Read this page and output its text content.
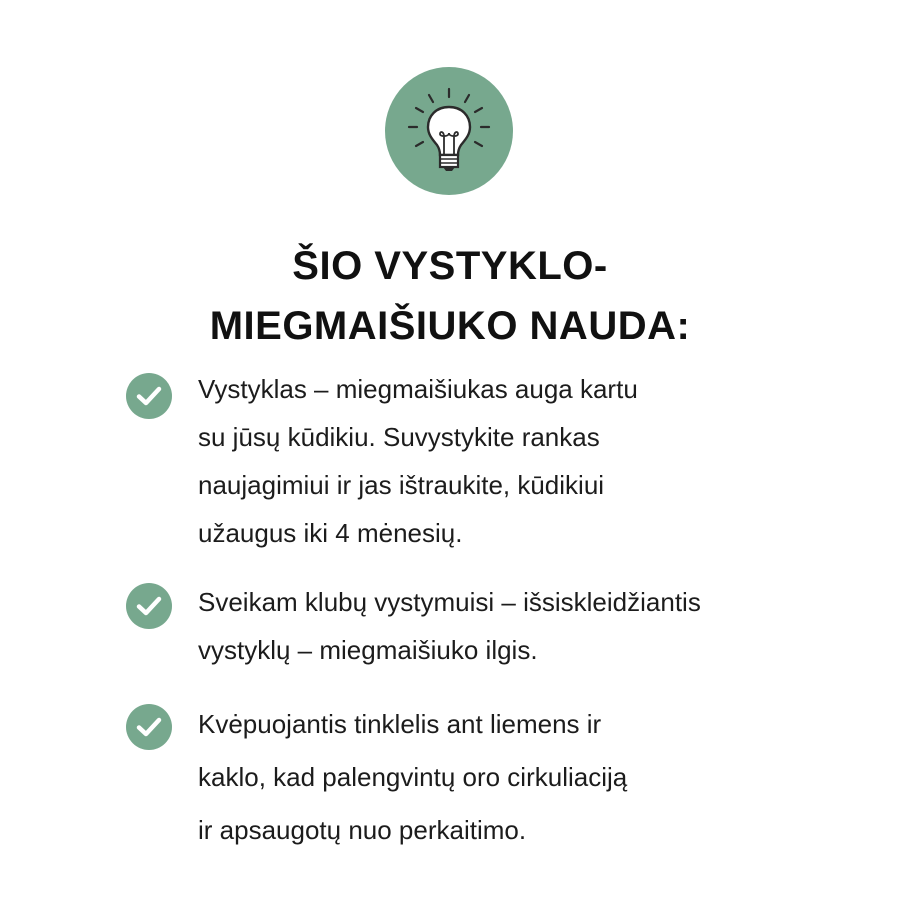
ŠIO VYSTYKLO-
MIEGMAIŠIUKO NAUDA:
Vystyklas – miegmaišiukas auga kartu
su jūsų kūdikiu. Suvystykite rankas
naujagimiui ir jas ištraukite, kūdikiui
užaugus iki 4 mėnesių.
Sveikam klubų vystymuisi – išsiskleidžiantis
vystyklų – miegmaišiuko ilgis.
Kvėpuojantis tinklelis ant liemens ir
kaklo, kad palengvintų oro cirkuliaciją
ir apsaugotų nuo perkaitimo.
